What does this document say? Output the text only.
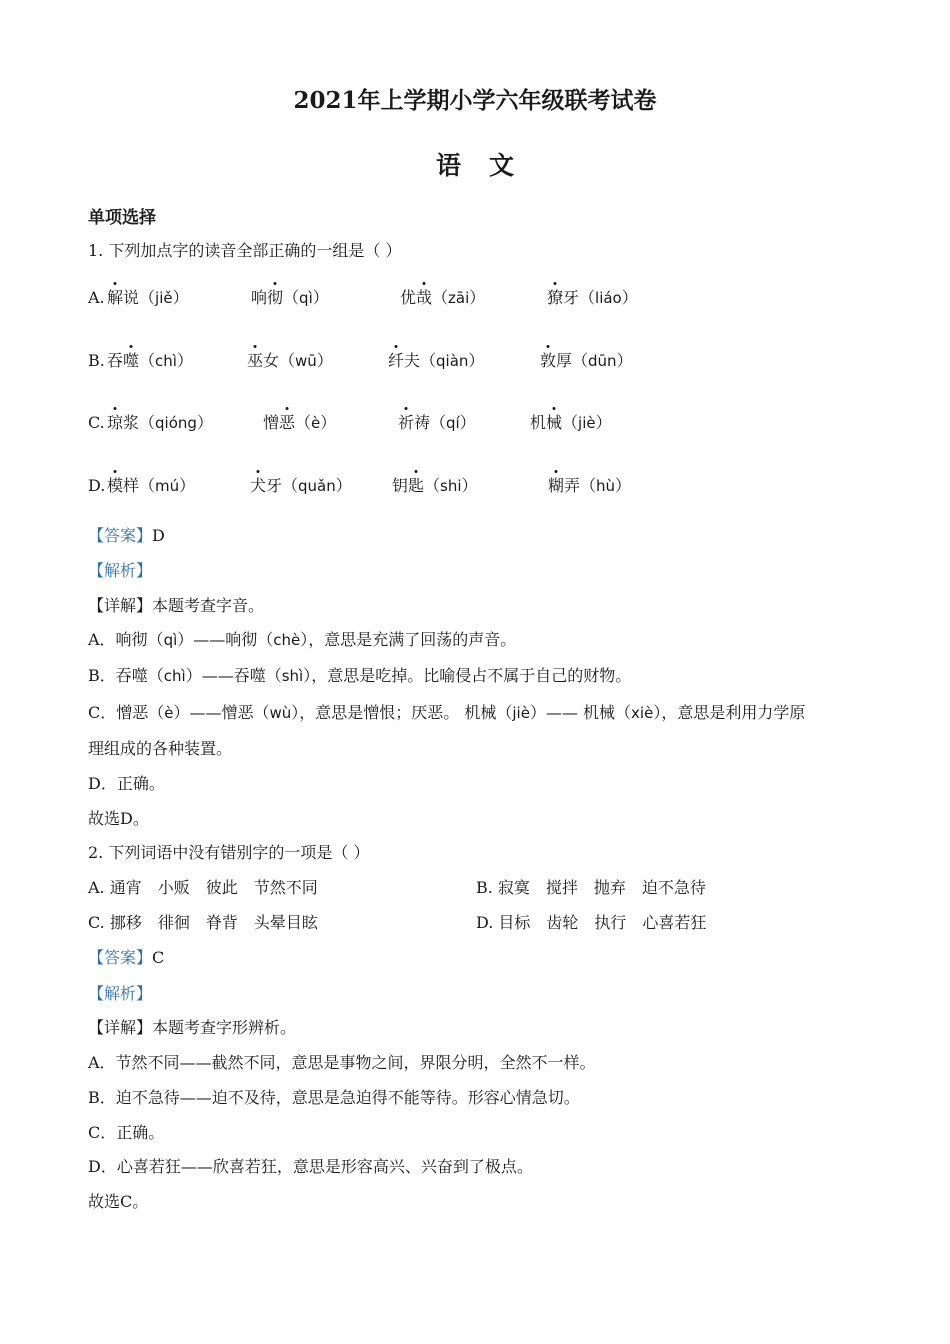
2021年上学期小学六年级联考试卷
语文
单项选择
1. 下列加点字的读音全部正确的一组是（ ）
A. 解说（jiě）	响彻（qì）	优哉（zāi）	獠牙（liáo）
B. 吞噬（chì）	巫女（wū）	纤夫（qiàn）	敦厚（dūn）
C. 琼浆（qióng）	憎恶（è）	祈祷（qí）	机械（jiè）
D. 模样（mú）	犬牙（quǎn）	钥匙（shi）	糊弄（hù）
【答案】D
【解析】
【详解】本题考查字音。
A．响彻（qì）——响彻（chè），意思是充满了回荡的声音。
B．吞噬（chì）——吞噬（shì），意思是吃掉。比喻侵占不属于自己的财物。
C．憎恶（è）——憎恶（wù），意思是憎恨；厌恶。 机械（jiè）—— 机械（xiè），意思是利用力学原
理组成的各种装置。
D．正确。
故选D。
2. 下列词语中没有错别字的一项是（ ）
A. 通宵　小贩　彼此　节然不同	B. 寂寞　搅拌　抛弃　迫不急待
C. 挪移　徘徊　脊背　头晕目眩	D. 目标　齿轮　执行　心喜若狂
【答案】C
【解析】
【详解】本题考查字形辨析。
A．节然不同——截然不同，意思是事物之间，界限分明，全然不一样。
B．迫不急待——迫不及待，意思是急迫得不能等待。形容心情急切。
C．正确。
D．心喜若狂——欣喜若狂，意思是形容高兴、兴奋到了极点。
故选C。
